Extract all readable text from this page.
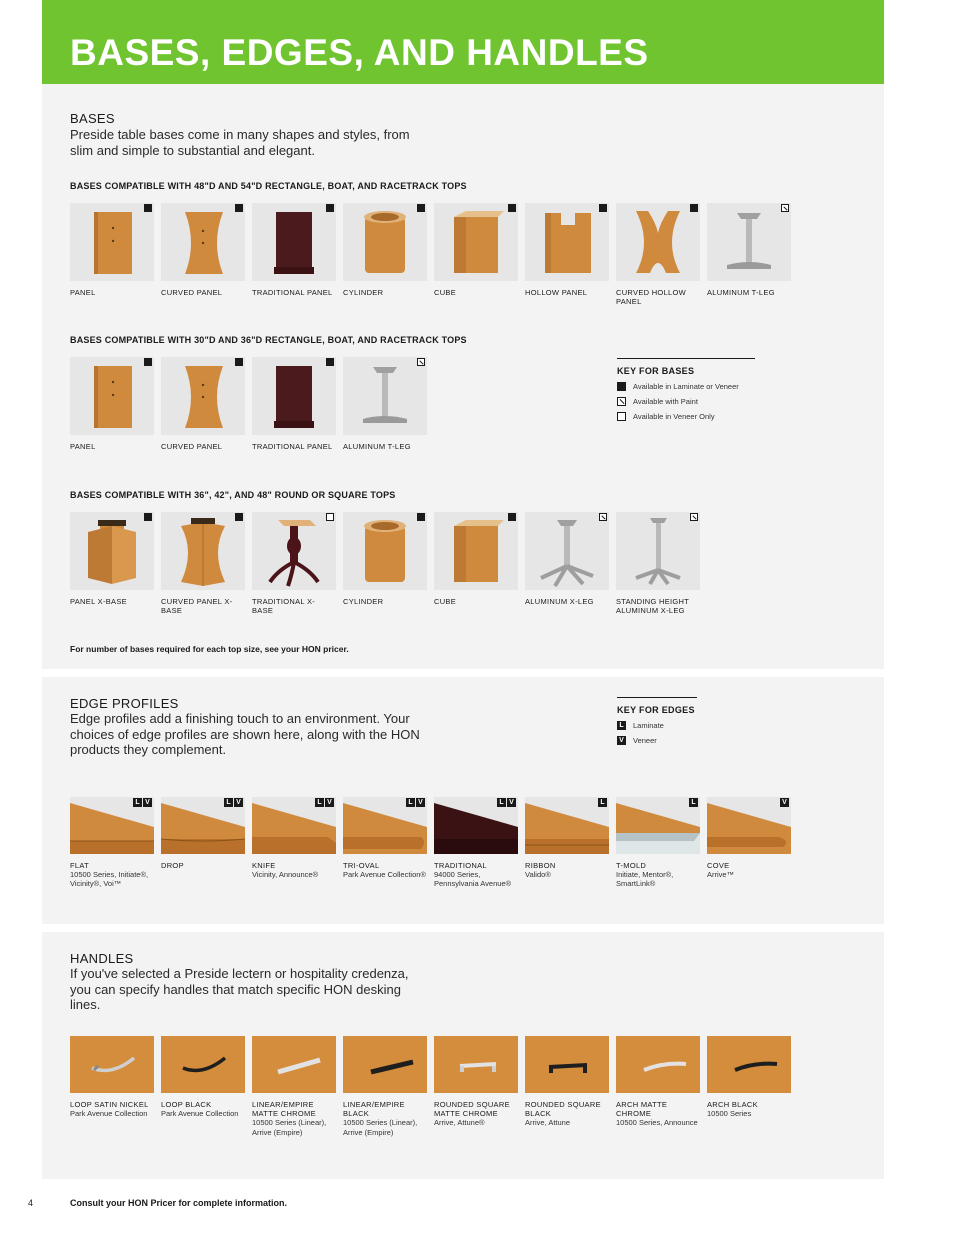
BASES, EDGES, AND HANDLES
BASES
Preside table bases come in many shapes and styles, from slim and simple to substantial and elegant.
BASES COMPATIBLE WITH 48"D AND 54"D RECTANGLE, BOAT, AND RACETRACK TOPS
PANEL	CURVED PANEL	TRADITIONAL PANEL	CYLINDER	CUBE	HOLLOW PANEL	CURVED HOLLOW PANEL
ALUMINUM T-LEG
BASES COMPATIBLE WITH 30"D AND 36"D RECTANGLE, BOAT, AND RACETRACK TOPS
PANEL	CURVED PANEL	TRADITIONAL PANEL	ALUMINUM T-LEG
KEY FOR BASES
Available in Laminate or Veneer
Available with Paint
Available in Veneer Only
BASES COMPATIBLE WITH 36", 42", AND 48" ROUND OR SQUARE TOPS
PANEL X-BASE	CURVED PANEL X-BASE
TRADITIONAL X-BASE
CYLINDER	CUBE	ALUMINUM X-LEG	STANDING HEIGHT ALUMINUM X-LEG
For number of bases required for each top size, see your HON pricer.
EDGE PROFILES
Edge profiles add a finishing touch to an environment. Your choices of edge profiles are shown here, along with the HON products they complement.
KEY FOR EDGES
L	Laminate
V Veneer
L V
FLAT
10500 Series, Initiate®, Vicinity®, Voi™
L V
DROP
L V
KNIFE
Vicinity, Announce®
L V
TRI-OVAL
Park Avenue Collection®
L V
TRADITIONAL
94000 Series, Pennsylvania Avenue®
L
RIBBON
Valido®
L
T-MOLD
Initiate, Mentor®, SmartLink®
V
COVE
Arrive™
HANDLES
If you've selected a Preside lectern or hospitality credenza, you can specify handles that match specific HON desking lines.
LOOP SATIN NICKEL
Park Avenue Collection
LOOP BLACK
Park Avenue Collection
LINEAR/EMPIRE MATTE CHROME
10500 Series (Linear), Arrive (Empire)
LINEAR/EMPIRE BLACK
10500 Series (Linear), Arrive (Empire)
ROUNDED SQUARE MATTE CHROME
Arrive, Attune®
ROUNDED SQUARE BLACK
Arrive, Attune
ARCH MATTE CHROME
10500 Series, Announce
ARCH BLACK
10500 Series
4	Consult your HON Pricer for complete information.
